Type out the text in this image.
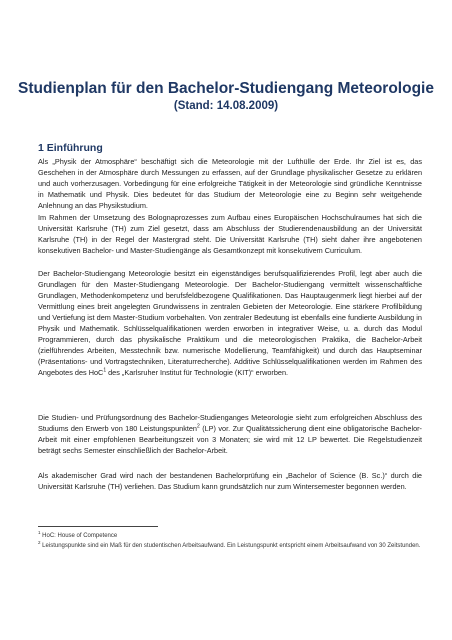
Studienplan für den Bachelor-Studiengang Meteorologie
(Stand: 14.08.2009)
1 Einführung

Als „Physik der Atmosphäre“ beschäftigt sich die Meteorologie mit der Lufthülle der Erde. Ihr Ziel ist es, das Geschehen in der Atmosphäre durch Messungen zu erfassen, auf der Grundlage physikalischer Gesetze zu erklären und auch vorherzusagen. Vorbedingung für eine erfolgreiche Tätigkeit in der Meteorologie sind gründliche Kenntnisse in Mathematik und Physik. Dies bedeutet für das Studium der Meteorologie eine zu Beginn sehr weitgehende Anlehnung an das Physikstudium.

Im Rahmen der Umsetzung des Bolognaprozesses zum Aufbau eines Europäischen Hochschulraumes hat sich die Universität Karlsruhe (TH) zum Ziel gesetzt, dass am Abschluss der Studierendenausbildung an der Universität Karlsruhe (TH) in der Regel der Mastergrad steht. Die Universität Karlsruhe (TH) sieht daher ihre angebotenen konsekutiven Bachelor- und Master-Studiengänge als Gesamtkonzept mit konsekutivem Curriculum.

Der Bachelor-Studiengang Meteorologie besitzt ein eigenständiges berufsqualifizierendes Profil, legt aber auch die Grundlagen für den Master-Studiengang Meteorologie. Der Bachelor-Studiengang vermittelt wissenschaftliche Grundlagen, Methodenkompetenz und berufsfeldbezogene Qualifikationen. Das Hauptaugenmerk liegt hierbei auf der Vermittlung eines breit angelegten Grundwissens in zentralen Gebieten der Meteorologie. Eine stärkere Profilbildung und Vertiefung ist dem Master-Studium vorbehalten. Von zentraler Bedeutung ist ebenfalls eine fundierte Ausbildung in Physik und Mathematik. Schlüsselqualifikationen werden erworben in integrativer Weise, u. a. durch das Modul Programmieren, durch das physikalische Praktikum und die meteorologischen Praktika, die Bachelor-Arbeit (zielführendes Arbeiten, Messtechnik bzw. numerische Modellierung, Teamfähigkeit) und durch das Hauptseminar (Präsentations- und Vortragstechniken, Literaturrecherche). Additive Schlüsselqualifikationen werden im Rahmen des Angebotes des HoC$^1$ des „Karlsruher Institut für Technologie (KIT)“ erworben.

Die Studien- und Prüfungsordnung des Bachelor-Studienganges Meteorologie sieht zum erfolgreichen Abschluss des Studiums den Erwerb von 180 Leistungspunkten$^2$ (LP) vor. Zur Qualitätssicherung dient eine obligatorische Bachelor-Arbeit mit einer empfohlenen Bearbeitungszeit von 3 Monaten; sie wird mit 12 LP bewertet. Die Regelstudienzeit beträgt sechs Semester einschließlich der Bachelor-Arbeit.

Als akademischer Grad wird nach der bestandenen Bachelorprüfung ein „Bachelor of Science (B. Sc.)“ durch die Universität Karlsruhe (TH) verliehen. Das Studium kann grundsätzlich nur zum Wintersemester begonnen werden.

$^1$ HoC: House of Competence
$^2$ Leistungspunkte sind ein Maß für den studentischen Arbeitsaufwand. Ein Leistungspunkt entspricht einem Arbeitsaufwand von 30 Zeitstunden.
